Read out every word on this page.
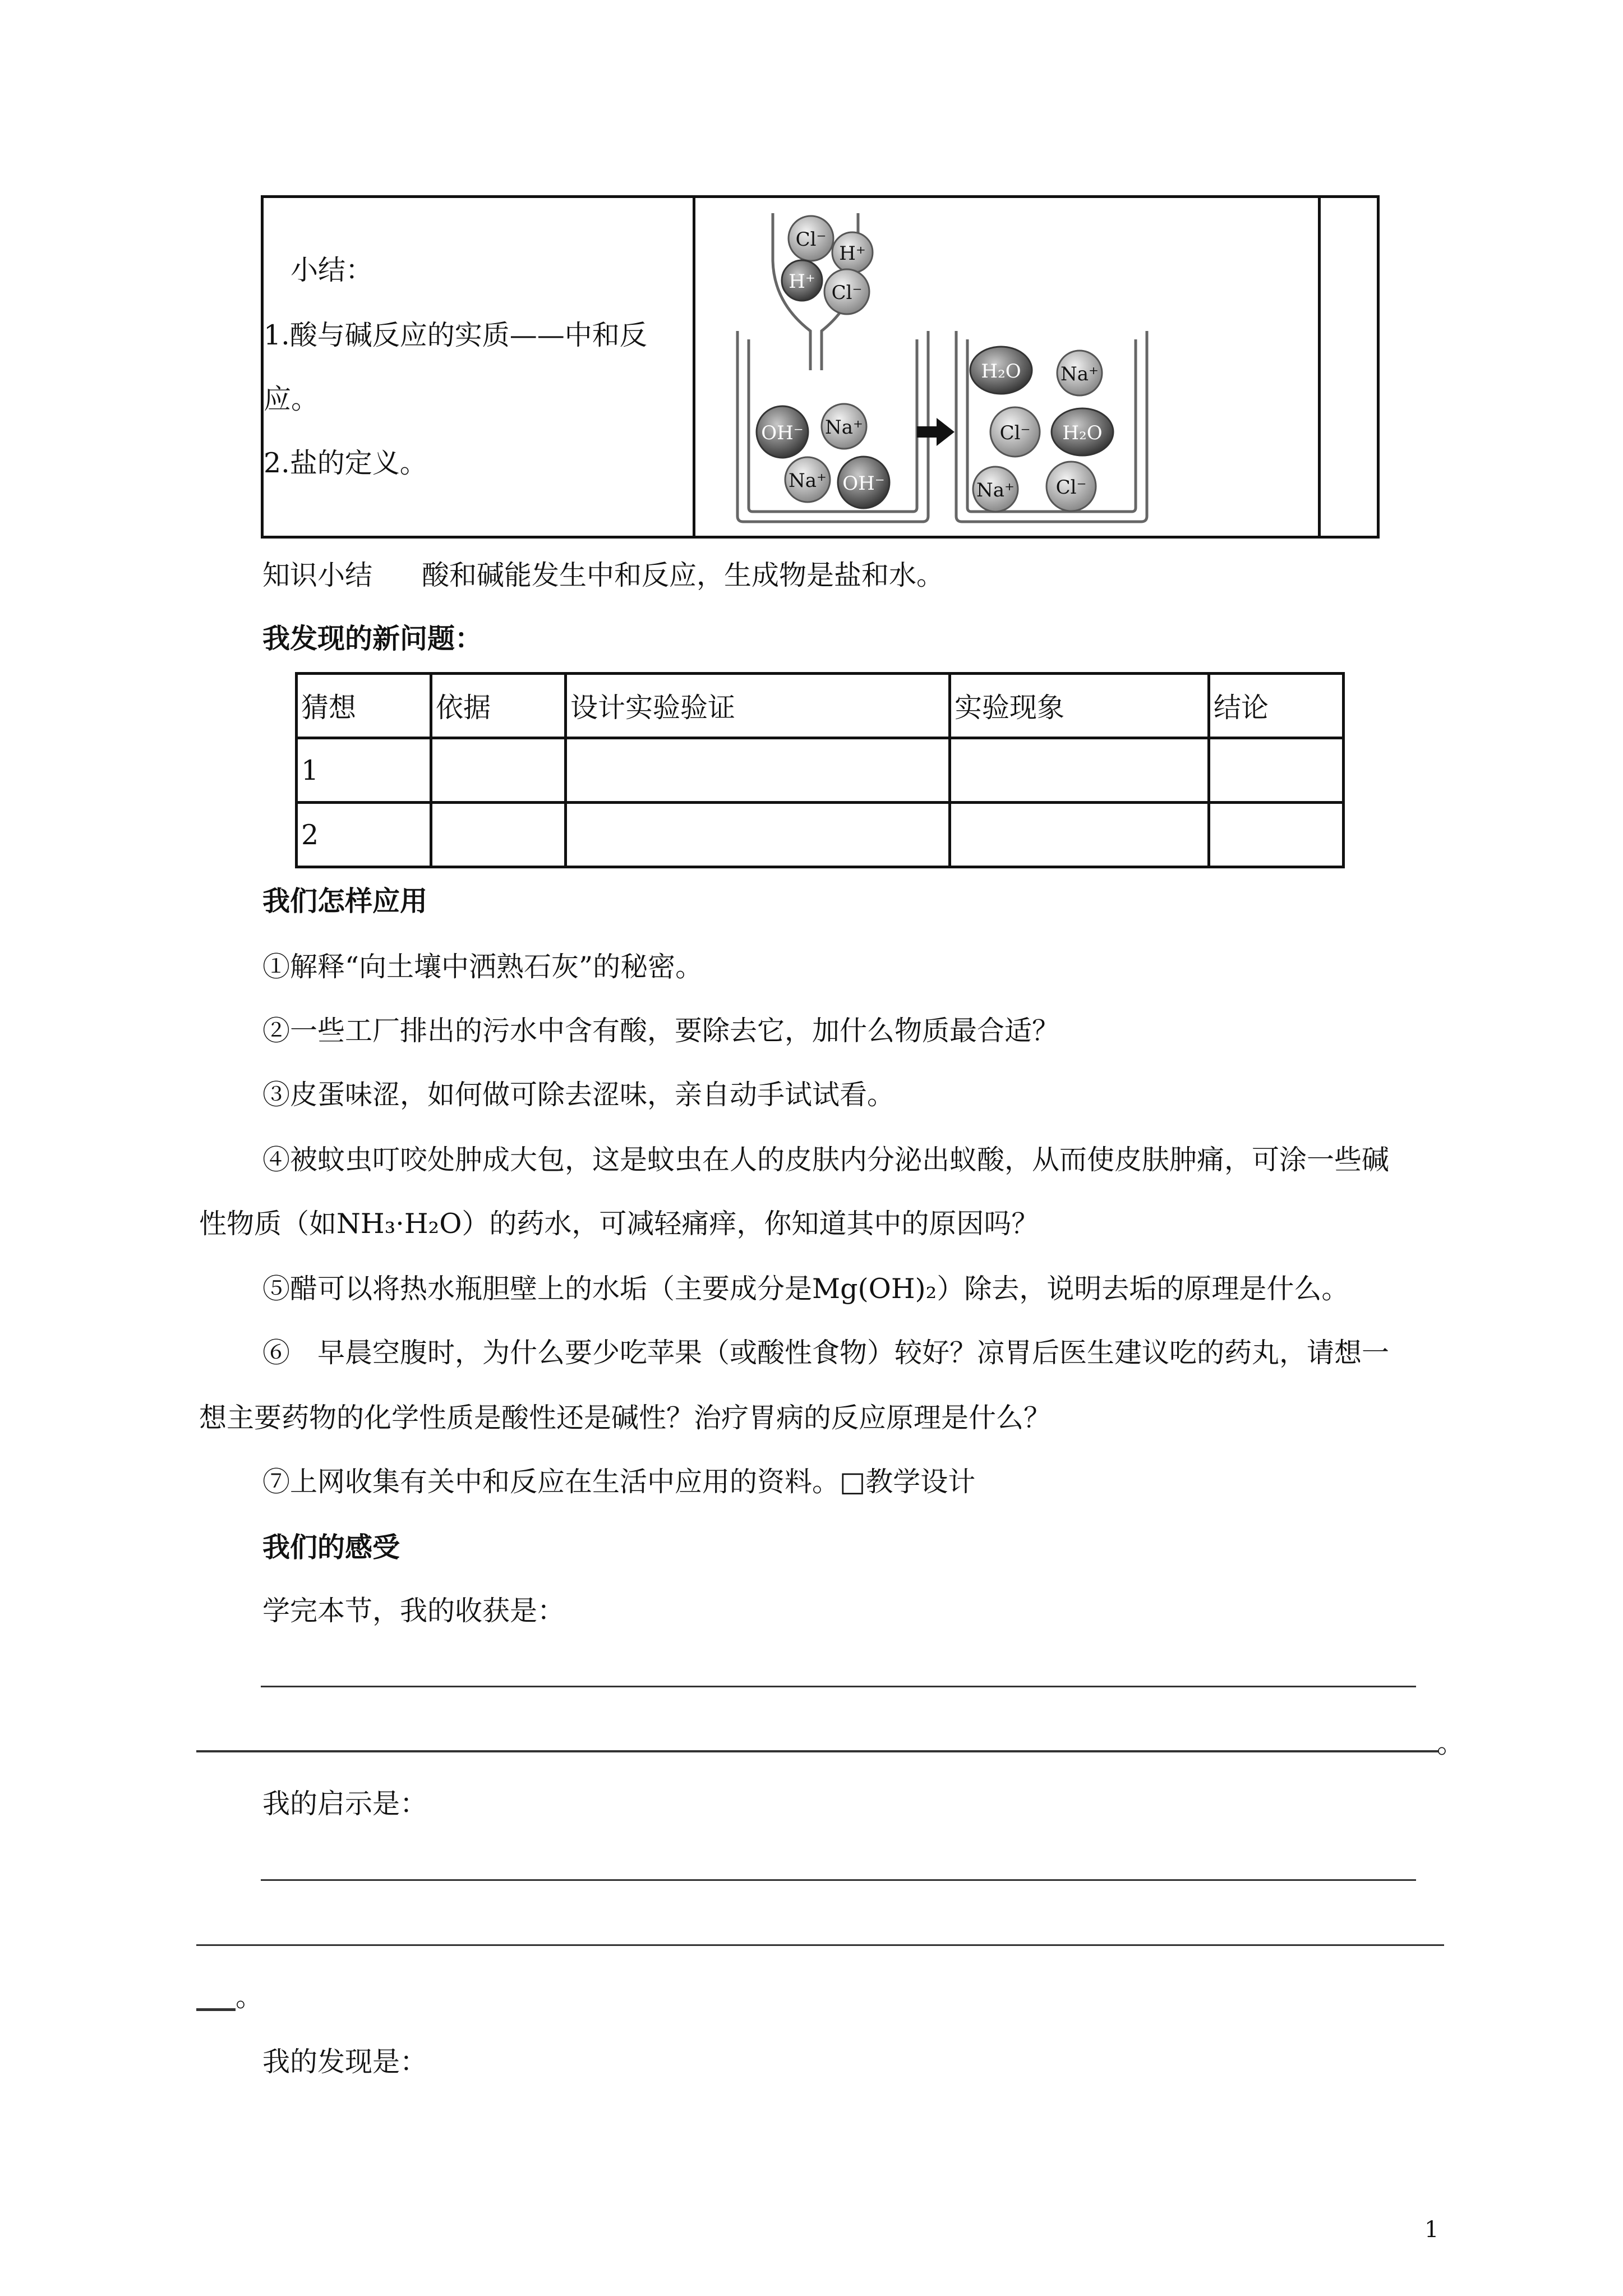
小结：
1.酸与碱反应的实质——中和反
应。
2.盐的定义。
Cl⁻
H⁺
H⁺ Cl⁻
OH⁻ Na⁺
Na⁺ OH⁻
H₂O Na⁺
Cl⁻ H₂O
Na⁺ Cl⁻
知识小结 酸和碱能发生中和反应，生成物是盐和水。
我发现的新问题：
猜想	依据	设计实验验证	实验现象	结论
1				
2				
我们怎样应用
①解释“向土壤中洒熟石灰”的秘密。
②一些工厂排出的污水中含有酸，要除去它，加什么物质最合适？
③皮蛋味涩，如何做可除去涩味，亲自动手试试看。
④被蚊虫叮咬处肿成大包，这是蚊虫在人的皮肤内分泌出蚁酸，从而使皮肤肿痛，可涂一些碱
性物质（如NH₃·H₂O）的药水，可减轻痛痒，你知道其中的原因吗？
⑤醋可以将热水瓶胆壁上的水垢（主要成分是Mg(OH)₂）除去，说明去垢的原理是什么。
⑥　早晨空腹时，为什么要少吃苹果（或酸性食物）较好？凉胃后医生建议吃的药丸，请想一
想主要药物的化学性质是酸性还是碱性？治疗胃病的反应原理是什么？
⑦上网收集有关中和反应在生活中应用的资料。□教学设计
我们的感受
学完本节，我的收获是：
。
我的启示是：
。
我的发现是：
1
